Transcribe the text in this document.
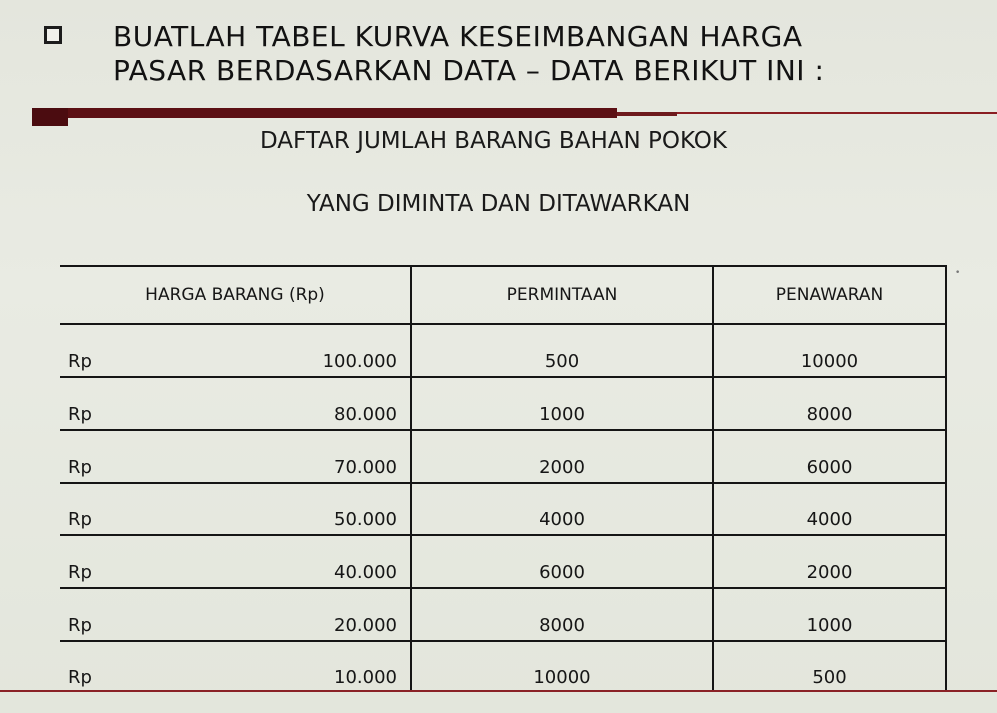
BUATLAH TABEL KURVA KESEIMBANGAN HARGA
PASAR BERDASARKAN DATA – DATA BERIKUT INI :
DAFTAR JUMLAH BARANG BAHAN POKOK
YANG DIMINTA DAN DITAWARKAN
•
HARGA BARANG (Rp)	PERMINTAAN	PENAWARAN

Rp 100.000	500	10000

Rp 80.000	1000	8000

Rp 70.000	2000	6000

Rp 50.000	4000	4000

Rp 40.000	6000	2000

Rp 20.000	8000	1000

Rp 10.000	10000	500
